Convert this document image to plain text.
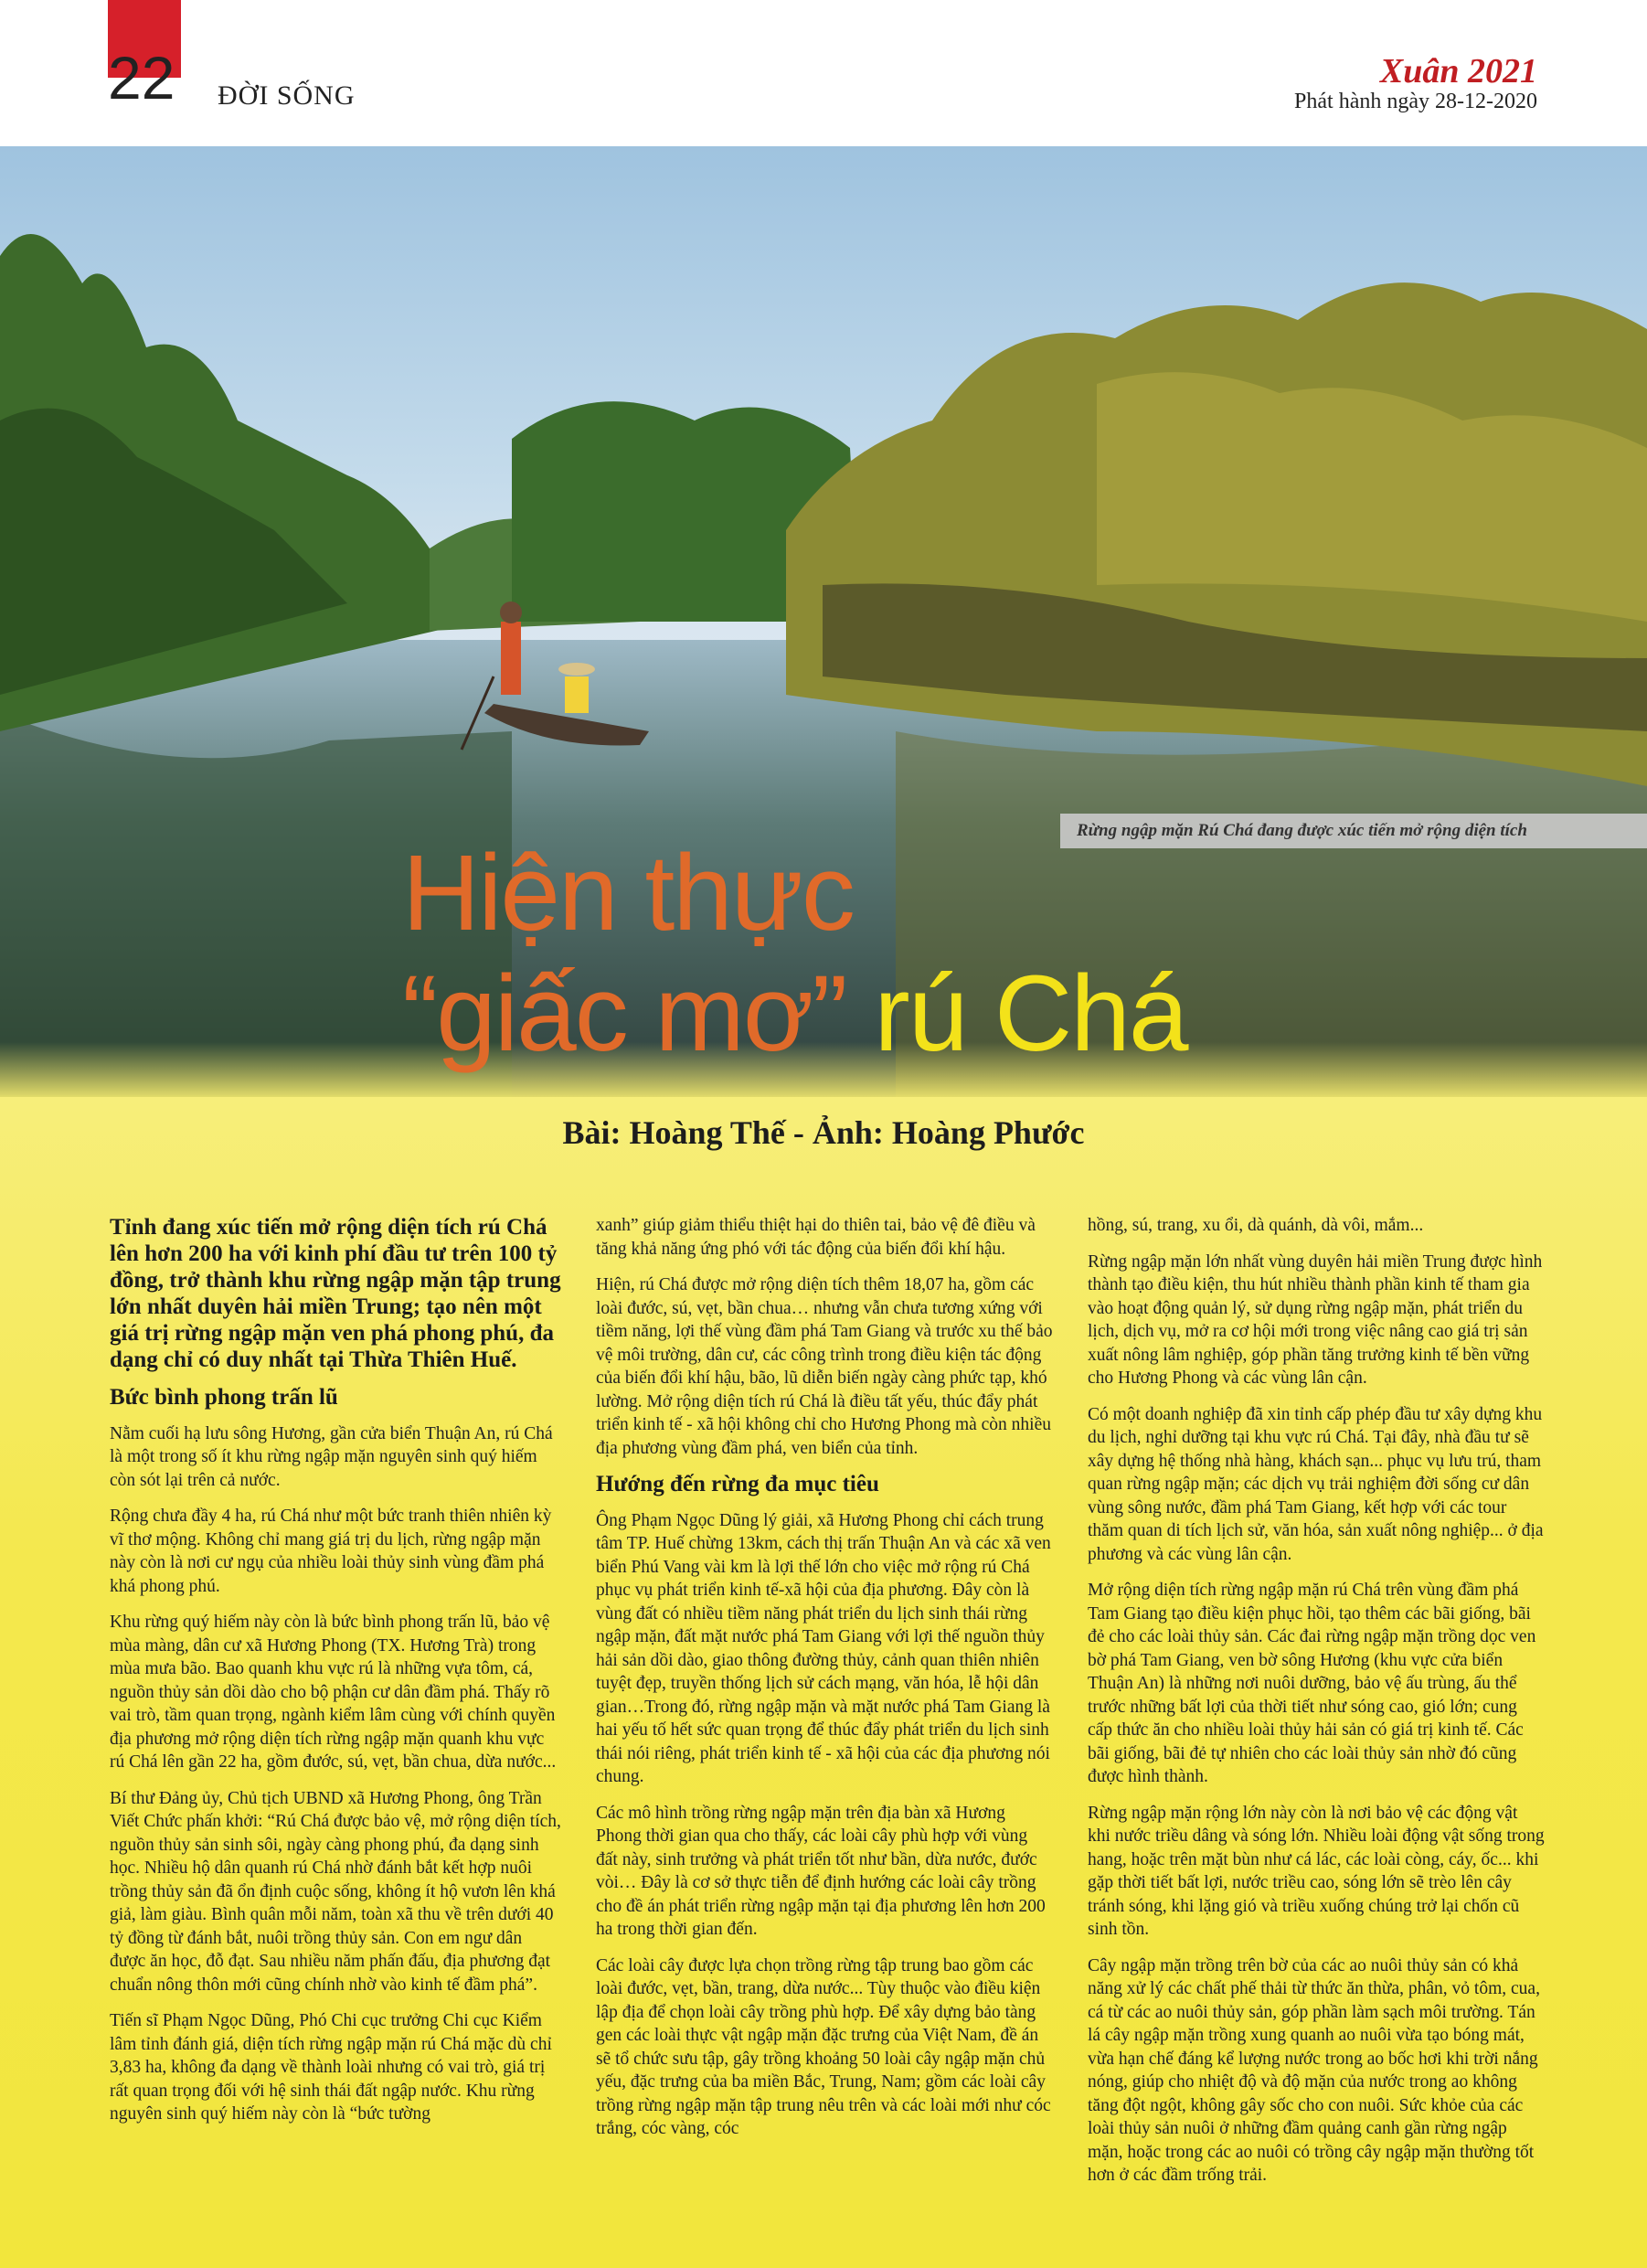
22 ĐỜI SỐNG
Xuân 2021
Phát hành ngày 28-12-2020
Rừng ngập mặn Rú Chá đang được xúc tiến mở rộng diện tích
Hiện thực
“giấc mơ” rú Chá
Bài: Hoàng Thế - Ảnh: Hoàng Phước

Tỉnh đang xúc tiến mở rộng diện tích rú Chá lên hơn 200 ha với kinh phí đầu tư trên 100 tỷ đồng, trở thành khu rừng ngập mặn tập trung lớn nhất duyên hải miền Trung; tạo nên một giá trị rừng ngập mặn ven phá phong phú, đa dạng chỉ có duy nhất tại Thừa Thiên Huế.

Bức bình phong trấn lũ

Nằm cuối hạ lưu sông Hương, gần cửa biển Thuận An, rú Chá là một trong số ít khu rừng ngập mặn nguyên sinh quý hiếm còn sót lại trên cả nước.

Rộng chưa đầy 4 ha, rú Chá như một bức tranh thiên nhiên kỳ vĩ thơ mộng. Không chỉ mang giá trị du lịch, rừng ngập mặn này còn là nơi cư ngụ của nhiều loài thủy sinh vùng đầm phá khá phong phú.

Khu rừng quý hiếm này còn là bức bình phong trấn lũ, bảo vệ mùa màng, dân cư xã Hương Phong (TX. Hương Trà) trong mùa mưa bão. Bao quanh khu vực rú là những vựa tôm, cá, nguồn thủy sản dồi dào cho bộ phận cư dân đầm phá. Thấy rõ vai trò, tầm quan trọng, ngành kiểm lâm cùng với chính quyền địa phương mở rộng diện tích rừng ngập mặn quanh khu vực rú Chá lên gần 22 ha, gồm đước, sú, vẹt, bần chua, dừa nước...

Bí thư Đảng ủy, Chủ tịch UBND xã Hương Phong, ông Trần Viết Chức phấn khởi: “Rú Chá được bảo vệ, mở rộng diện tích, nguồn thủy sản sinh sôi, ngày càng phong phú, đa dạng sinh học. Nhiều hộ dân quanh rú Chá nhờ đánh bắt kết hợp nuôi trồng thủy sản đã ổn định cuộc sống, không ít hộ vươn lên khá giả, làm giàu. Bình quân mỗi năm, toàn xã thu về trên dưới 40 tỷ đồng từ đánh bắt, nuôi trồng thủy sản. Con em ngư dân được ăn học, đỗ đạt. Sau nhiều năm phấn đấu, địa phương đạt chuẩn nông thôn mới cũng chính nhờ vào kinh tế đầm phá”.

Tiến sĩ Phạm Ngọc Dũng, Phó Chi cục trưởng Chi cục Kiểm lâm tỉnh đánh giá, diện tích rừng ngập mặn rú Chá mặc dù chỉ 3,83 ha, không đa dạng về thành loài nhưng có vai trò, giá trị rất quan trọng đối với hệ sinh thái đất ngập nước. Khu rừng nguyên sinh quý hiếm này còn là “bức tường

xanh” giúp giảm thiểu thiệt hại do thiên tai, bảo vệ đê điều và tăng khả năng ứng phó với tác động của biến đổi khí hậu.

Hiện, rú Chá được mở rộng diện tích thêm 18,07 ha, gồm các loài đước, sú, vẹt, bần chua… nhưng vẫn chưa tương xứng với tiềm năng, lợi thế vùng đầm phá Tam Giang và trước xu thế bảo vệ môi trường, dân cư, các công trình trong điều kiện tác động của biến đổi khí hậu, bão, lũ diễn biến ngày càng phức tạp, khó lường. Mở rộng diện tích rú Chá là điều tất yếu, thúc đẩy phát triển kinh tế - xã hội không chỉ cho Hương Phong mà còn nhiều địa phương vùng đầm phá, ven biển của tỉnh.

Hướng đến rừng đa mục tiêu

Ông Phạm Ngọc Dũng lý giải, xã Hương Phong chỉ cách trung tâm TP. Huế chừng 13km, cách thị trấn Thuận An và các xã ven biển Phú Vang vài km là lợi thế lớn cho việc mở rộng rú Chá phục vụ phát triển kinh tế-xã hội của địa phương. Đây còn là vùng đất có nhiều tiềm năng phát triển du lịch sinh thái rừng ngập mặn, đất mặt nước phá Tam Giang với lợi thế nguồn thủy hải sản dồi dào, giao thông đường thủy, cảnh quan thiên nhiên tuyệt đẹp, truyền thống lịch sử cách mạng, văn hóa, lễ hội dân gian…Trong đó, rừng ngập mặn và mặt nước phá Tam Giang là hai yếu tố hết sức quan trọng để thúc đẩy phát triển du lịch sinh thái nói riêng, phát triển kinh tế - xã hội của các địa phương nói chung.

Các mô hình trồng rừng ngập mặn trên địa bàn xã Hương Phong thời gian qua cho thấy, các loài cây phù hợp với vùng đất này, sinh trưởng và phát triển tốt như bần, dừa nước, đước vòi… Đây là cơ sở thực tiễn để định hướng các loài cây trồng cho đề án phát triển rừng ngập mặn tại địa phương lên hơn 200 ha trong thời gian đến.

Các loài cây được lựa chọn trồng rừng tập trung bao gồm các loài đước, vẹt, bần, trang, dừa nước... Tùy thuộc vào điều kiện lập địa để chọn loài cây trồng phù hợp. Để xây dựng bảo tàng gen các loài thực vật ngập mặn đặc trưng của Việt Nam, đề án sẽ tổ chức sưu tập, gây trồng khoảng 50 loài cây ngập mặn chủ yếu, đặc trưng của ba miền Bắc, Trung, Nam; gồm các loài cây trồng rừng ngập mặn tập trung nêu trên và các loài mới như cóc trắng, cóc vàng, cóc

hồng, sú, trang, xu ổi, dà quánh, dà vôi, mắm...

Rừng ngập mặn lớn nhất vùng duyên hải miền Trung được hình thành tạo điều kiện, thu hút nhiều thành phần kinh tế tham gia vào hoạt động quản lý, sử dụng rừng ngập mặn, phát triển du lịch, dịch vụ, mở ra cơ hội mới trong việc nâng cao giá trị sản xuất nông lâm nghiệp, góp phần tăng trưởng kinh tế bền vững cho Hương Phong và các vùng lân cận.

Có một doanh nghiệp đã xin tỉnh cấp phép đầu tư xây dựng khu du lịch, nghỉ dưỡng tại khu vực rú Chá. Tại đây, nhà đầu tư sẽ xây dựng hệ thống nhà hàng, khách sạn... phục vụ lưu trú, tham quan rừng ngập mặn; các dịch vụ trải nghiệm đời sống cư dân vùng sông nước, đầm phá Tam Giang, kết hợp với các tour thăm quan di tích lịch sử, văn hóa, sản xuất nông nghiệp... ở địa phương và các vùng lân cận.

Mở rộng diện tích rừng ngập mặn rú Chá trên vùng đầm phá Tam Giang tạo điều kiện phục hồi, tạo thêm các bãi giống, bãi đẻ cho các loài thủy sản. Các đai rừng ngập mặn trồng dọc ven bờ phá Tam Giang, ven bờ sông Hương (khu vực cửa biển Thuận An) là những nơi nuôi dưỡng, bảo vệ ấu trùng, ấu thể trước những bất lợi của thời tiết như sóng cao, gió lớn; cung cấp thức ăn cho nhiều loài thủy hải sản có giá trị kinh tế. Các bãi giống, bãi đẻ tự nhiên cho các loài thủy sản nhờ đó cũng được hình thành.

Rừng ngập mặn rộng lớn này còn là nơi bảo vệ các động vật khi nước triều dâng và sóng lớn. Nhiều loài động vật sống trong hang, hoặc trên mặt bùn như cá lác, các loài còng, cáy, ốc... khi gặp thời tiết bất lợi, nước triều cao, sóng lớn sẽ trèo lên cây tránh sóng, khi lặng gió và triều xuống chúng trở lại chốn cũ sinh tồn.

Cây ngập mặn trồng trên bờ của các ao nuôi thủy sản có khả năng xử lý các chất phế thải từ thức ăn thừa, phân, vỏ tôm, cua, cá từ các ao nuôi thủy sản, góp phần làm sạch môi trường. Tán lá cây ngập mặn trồng xung quanh ao nuôi vừa tạo bóng mát, vừa hạn chế đáng kể lượng nước trong ao bốc hơi khi trời nắng nóng, giúp cho nhiệt độ và độ mặn của nước trong ao không tăng đột ngột, không gây sốc cho con nuôi. Sức khỏe của các loài thủy sản nuôi ở những đầm quảng canh gần rừng ngập mặn, hoặc trong các ao nuôi có trồng cây ngập mặn thường tốt hơn ở các đầm trống trải.
